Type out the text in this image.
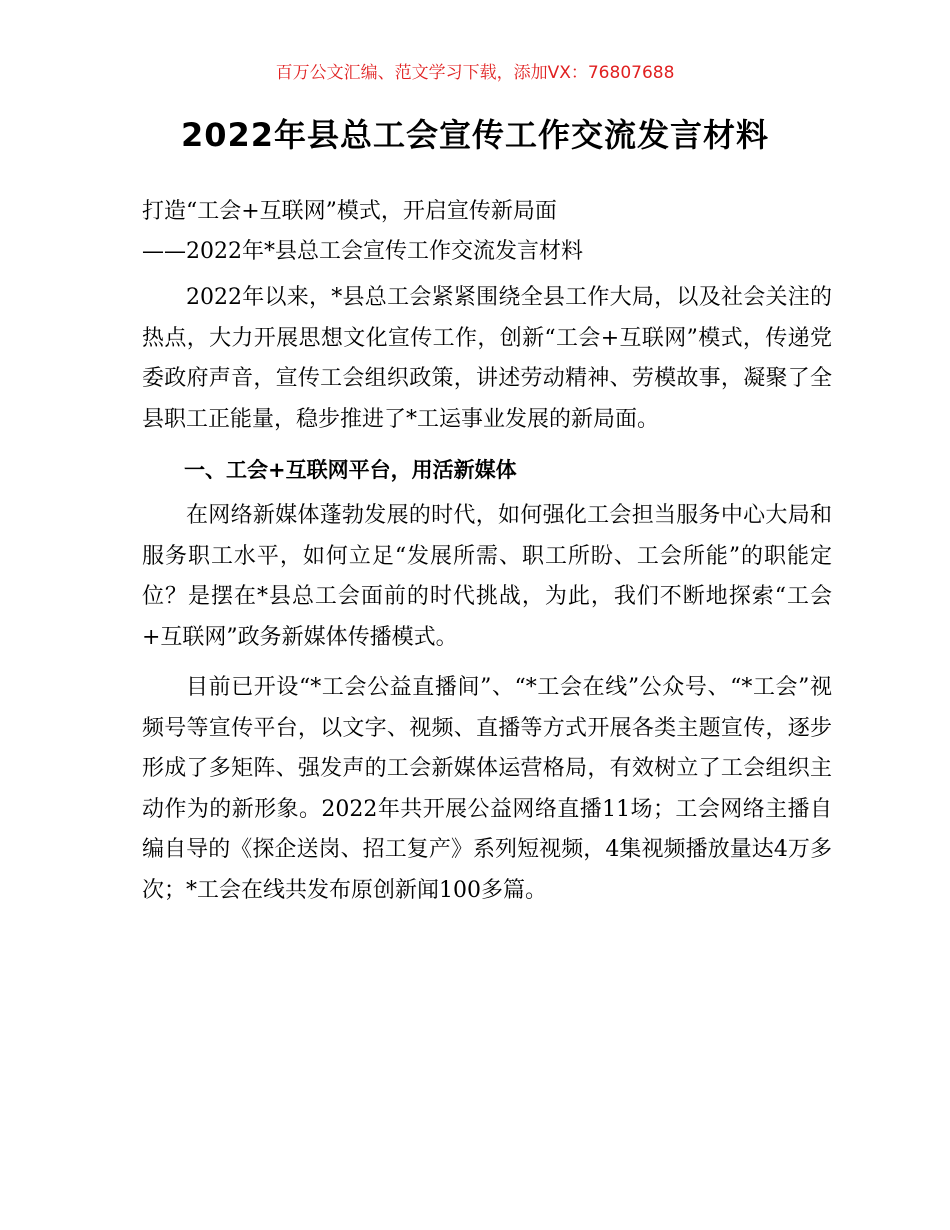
百万公文汇编、范文学习下载，添加VX：76807688

2022年县总工会宣传工作交流发言材料

打造“工会+互联网”模式，开启宣传新局面

——2022年*县总工会宣传工作交流发言材料

2022年以来，*县总工会紧紧围绕全县工作大局，以及社会关注的热点，大力开展思想文化宣传工作，创新“工会+互联网”模式，传递党委政府声音，宣传工会组织政策，讲述劳动精神、劳模故事，凝聚了全县职工正能量，稳步推进了*工运事业发展的新局面。

一、工会+互联网平台，用活新媒体

在网络新媒体蓬勃发展的时代，如何强化工会担当服务中心大局和服务职工水平，如何立足“发展所需、职工所盼、工会所能”的职能定位？是摆在*县总工会面前的时代挑战，为此，我们不断地探索“工会+互联网”政务新媒体传播模式。

目前已开设“*工会公益直播间”、“*工会在线”公众号、“*工会”视频号等宣传平台，以文字、视频、直播等方式开展各类主题宣传，逐步形成了多矩阵、强发声的工会新媒体运营格局，有效树立了工会组织主动作为的新形象。2022年共开展公益网络直播11场；工会网络主播自编自导的《探企送岗、招工复产》系列短视频，4集视频播放量达4万多次；*工会在线共发布原创新闻100多篇。
